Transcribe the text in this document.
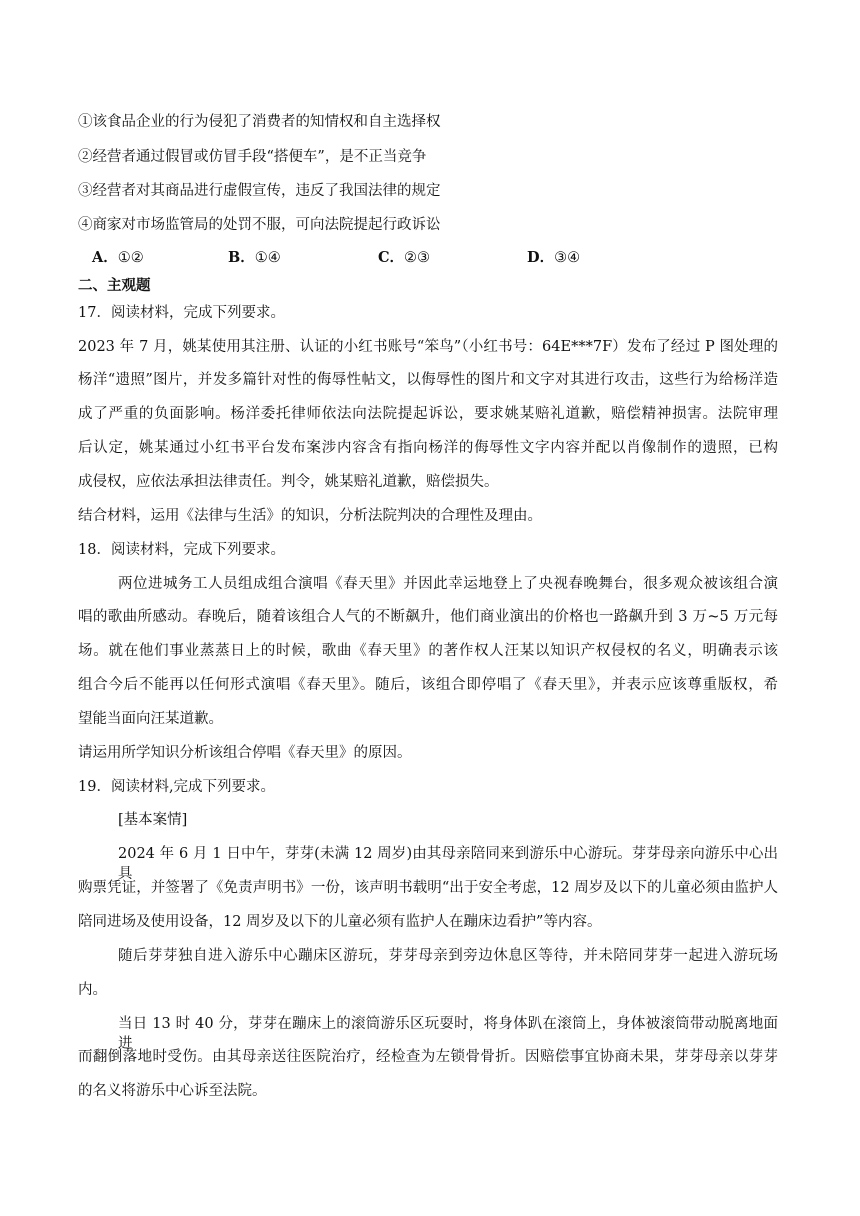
①该食品企业的行为侵犯了消费者的知情权和自主选择权
②经营者通过假冒或仿冒手段“搭便车”，是不正当竞争
③经营者对其商品进行虚假宣传，违反了我国法律的规定
④商家对市场监管局的处罚不服，可向法院提起行政诉讼
A．①②	B．①④	C．②③	D．③④
二、主观题
17．阅读材料，完成下列要求。
2023 年 7 月，姚某使用其注册、认证的小红书账号“笨鸟”（小红书号：64E***7F）发布了经过 P 图处理的
杨洋“遗照”图片，并发多篇针对性的侮辱性帖文，以侮辱性的图片和文字对其进行攻击，这些行为给杨洋造
成了严重的负面影响。杨洋委托律师依法向法院提起诉讼，要求姚某赔礼道歉，赔偿精神损害。法院审理
后认定，姚某通过小红书平台发布案涉内容含有指向杨洋的侮辱性文字内容并配以肖像制作的遗照，已构
成侵权，应依法承担法律责任。判令，姚某赔礼道歉，赔偿损失。
结合材料，运用《法律与生活》的知识，分析法院判决的合理性及理由。
18．阅读材料，完成下列要求。
两位进城务工人员组成组合演唱《春天里》并因此幸运地登上了央视春晚舞台，很多观众被该组合演
唱的歌曲所感动。春晚后，随着该组合人气的不断飙升，他们商业演出的价格也一路飙升到 3 万~5 万元每
场。就在他们事业蒸蒸日上的时候，歌曲《春天里》的著作权人汪某以知识产权侵权的名义，明确表示该
组合今后不能再以任何形式演唱《春天里》。随后，该组合即停唱了《春天里》，并表示应该尊重版权，希
望能当面向汪某道歉。
请运用所学知识分析该组合停唱《春天里》的原因。
19．阅读材料,完成下列要求。
[基本案情]
2024 年 6 月 1 日中午，芽芽(未满 12 周岁)由其母亲陪同来到游乐中心游玩。芽芽母亲向游乐中心出具
购票凭证，并签署了《免责声明书》一份，该声明书载明“出于安全考虑，12 周岁及以下的儿童必须由监护人
陪同进场及使用设备，12 周岁及以下的儿童必须有监护人在蹦床边看护”等内容。
随后芽芽独自进入游乐中心蹦床区游玩，芽芽母亲到旁边休息区等待，并未陪同芽芽一起进入游玩场
内。
当日 13 时 40 分，芽芽在蹦床上的滚筒游乐区玩耍时，将身体趴在滚筒上，身体被滚筒带动脱离地面进
而翻倒落地时受伤。由其母亲送往医院治疗，经检查为左锁骨骨折。因赔偿事宜协商未果，芽芽母亲以芽芽
的名义将游乐中心诉至法院。
